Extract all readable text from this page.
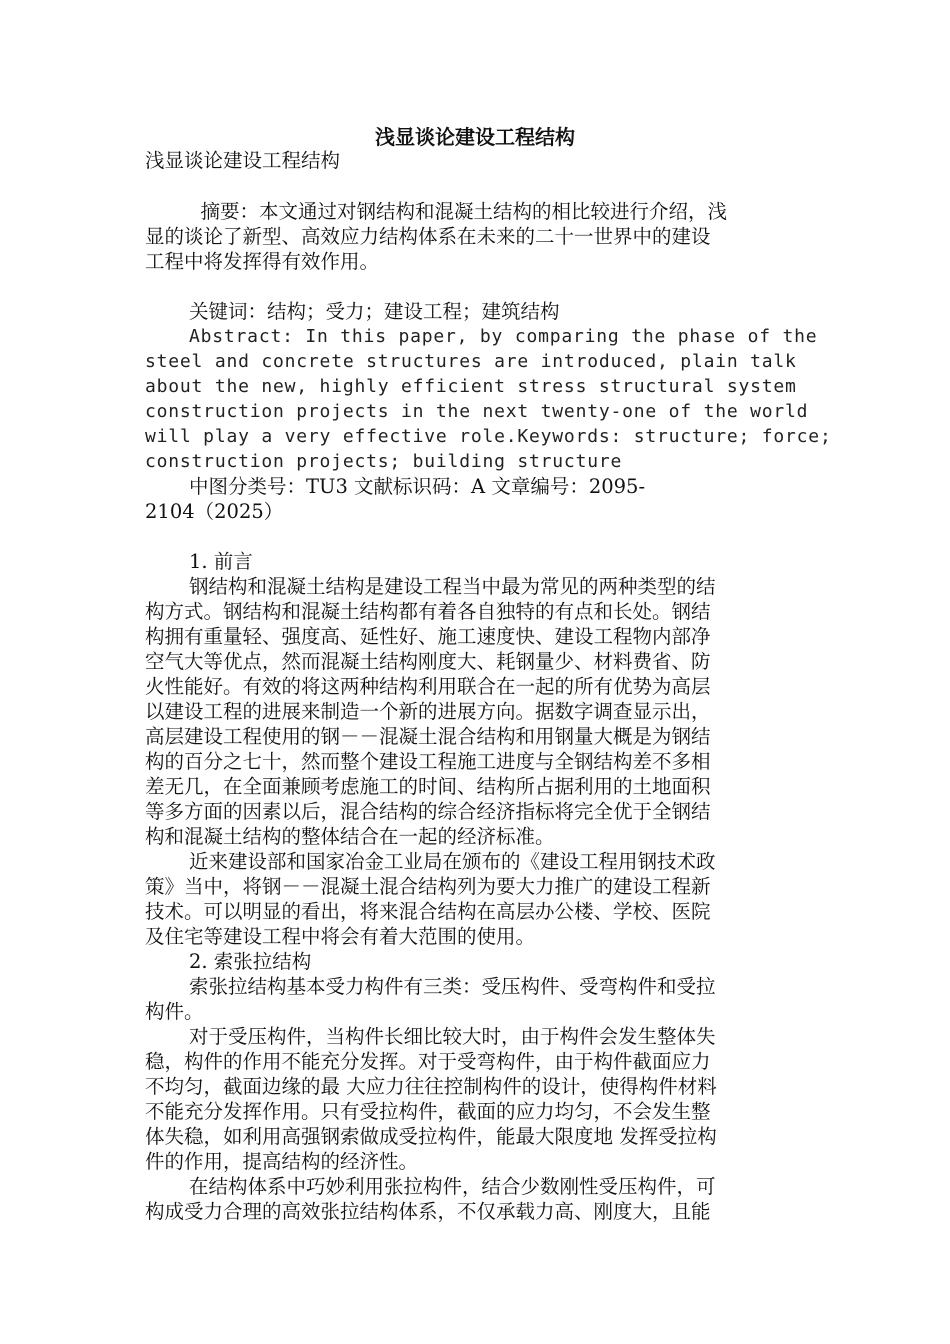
浅显谈论建设工程结构
浅显谈论建设工程结构
　摘要：本文通过对钢结构和混凝土结构的相比较进行介绍，浅
显的谈论了新型、高效应力结构体系在未来的二十一世界中的建设
工程中将发挥得有效作用。
关键词：结构；受力；建设工程；建筑结构
Abstract: In this paper, by comparing the phase of the
steel and concrete structures are introduced, plain talk
about the new, highly efficient stress structural system
construction projects in the next twenty-one of the world
will play a very effective role.Keywords: structure; force;
construction projects; building structure
中图分类号：TU3 文献标识码：A 文章编号：2095-
2104（2025）
1. 前言
钢结构和混凝土结构是建设工程当中最为常见的两种类型的结
构方式。钢结构和混凝土结构都有着各自独特的有点和长处。钢结
构拥有重量轻、强度高、延性好、施工速度快、建设工程物内部净
空气大等优点，然而混凝土结构刚度大、耗钢量少、材料费省、防
火性能好。有效的将这两种结构利用联合在一起的所有优势为高层
以建设工程的进展来制造一个新的进展方向。据数字调查显示出，
高层建设工程使用的钢－－混凝土混合结构和用钢量大概是为钢结
构的百分之七十，然而整个建设工程施工进度与全钢结构差不多相
差无几，在全面兼顾考虑施工的时间、结构所占据利用的土地面积
等多方面的因素以后，混合结构的综合经济指标将完全优于全钢结
构和混凝土结构的整体结合在一起的经济标准。
近来建设部和国家冶金工业局在颁布的《建设工程用钢技术政
策》当中，将钢－－混凝土混合结构列为要大力推广的建设工程新
技术。可以明显的看出，将来混合结构在高层办公楼、学校、医院
及住宅等建设工程中将会有着大范围的使用。
2. 索张拉结构
索张拉结构基本受力构件有三类：受压构件、受弯构件和受拉
构件。
对于受压构件，当构件长细比较大时，由于构件会发生整体失
稳，构件的作用不能充分发挥。对于受弯构件，由于构件截面应力
不均匀，截面边缘的最 大应力往往控制构件的设计，使得构件材料
不能充分发挥作用。只有受拉构件，截面的应力均匀，不会发生整
体失稳，如利用高强钢索做成受拉构件，能最大限度地 发挥受拉构
件的作用，提高结构的经济性。
在结构体系中巧妙利用张拉构件，结合少数刚性受压构件，可
构成受力合理的高效张拉结构体系，不仅承载力高、刚度大，且能
